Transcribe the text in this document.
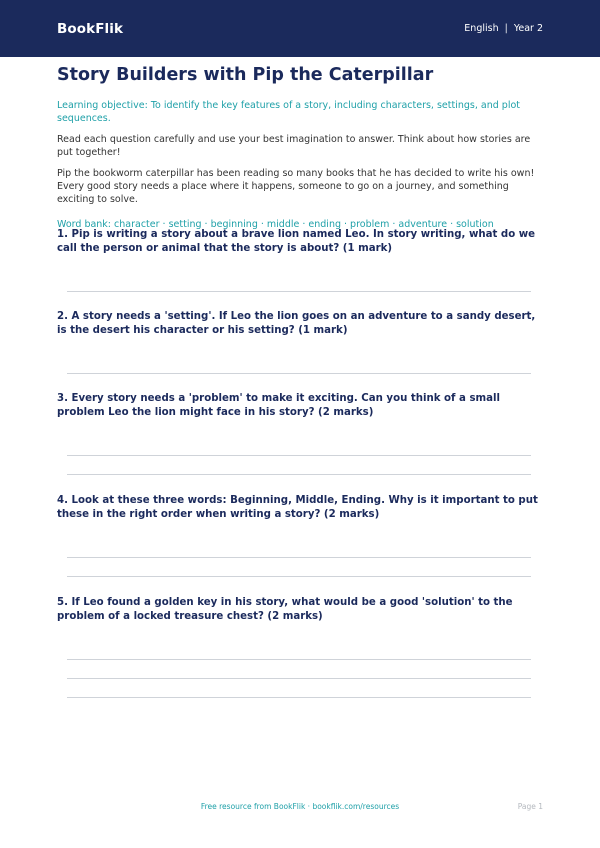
BookFlik	English | Year 2
Story Builders with Pip the Caterpillar

Learning objective: To identify the key features of a story, including characters, settings, and plot sequences.

Read each question carefully and use your best imagination to answer. Think about how stories are put together!

Pip the bookworm caterpillar has been reading so many books that he has decided to write his own! Every good story needs a place where it happens, someone to go on a journey, and something exciting to solve.

Word bank: character · setting · beginning · middle · ending · problem · adventure · solution

1. Pip is writing a story about a brave lion named Leo. In story writing, what do we call the person or animal that the story is about? (1 mark)

2. A story needs a 'setting'. If Leo the lion goes on an adventure to a sandy desert, is the desert his character or his setting? (1 mark)

3. Every story needs a 'problem' to make it exciting. Can you think of a small problem Leo the lion might face in his story? (2 marks)

4. Look at these three words: Beginning, Middle, Ending. Why is it important to put these in the right order when writing a story? (2 marks)

5. If Leo found a golden key in his story, what would be a good 'solution' to the problem of a locked treasure chest? (2 marks)

Free resource from BookFlik · bookflik.com/resources	Page 1
